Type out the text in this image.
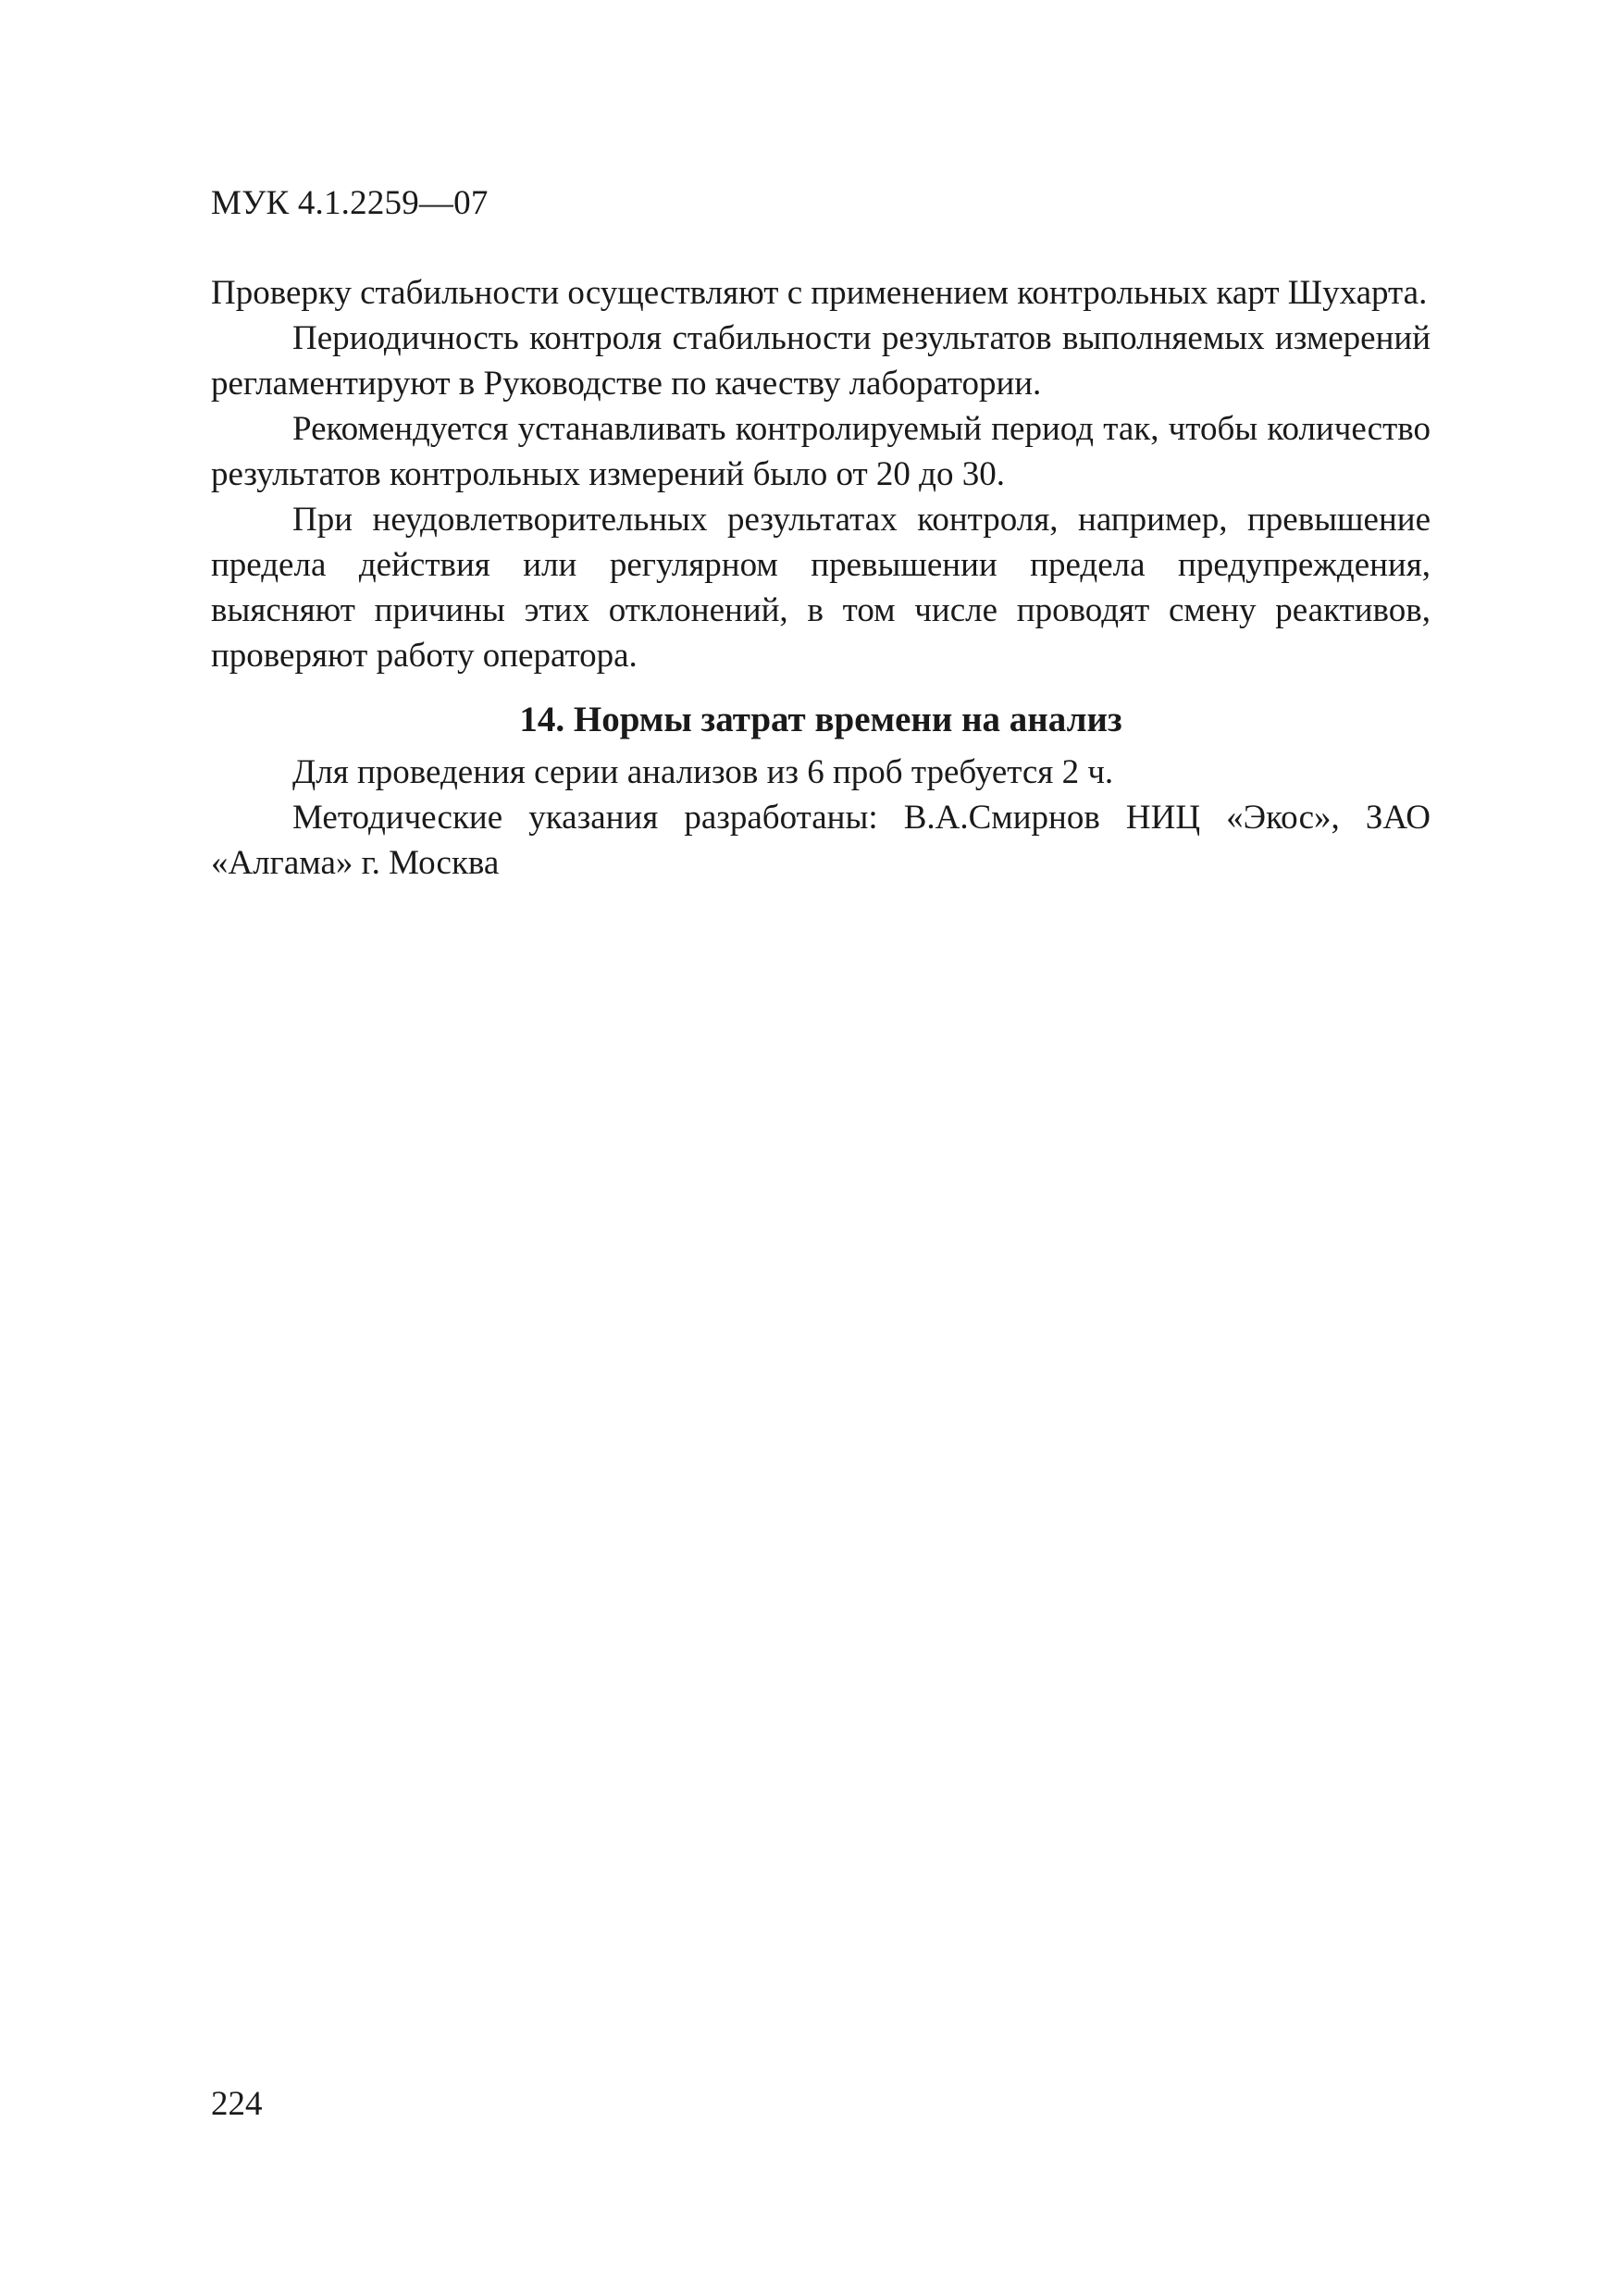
МУК 4.1.2259—07

Проверку стабильности осуществляют с применением контрольных карт Шухарта.

Периодичность контроля стабильности результатов выполняемых измерений регламентируют в Руководстве по качеству лаборатории.

Рекомендуется устанавливать контролируемый период так, чтобы количество результатов контрольных измерений было от 20 до 30.

При неудовлетворительных результатах контроля, например, превышение предела действия или регулярном превышении предела предупреждения, выясняют причины этих отклонений, в том числе проводят смену реактивов, проверяют работу оператора.

14. Нормы затрат времени на анализ

Для проведения серии анализов из 6 проб требуется 2 ч.

Методические указания разработаны: В.А.Смирнов НИЦ «Экос», ЗАО «Алгама» г. Москва

224
